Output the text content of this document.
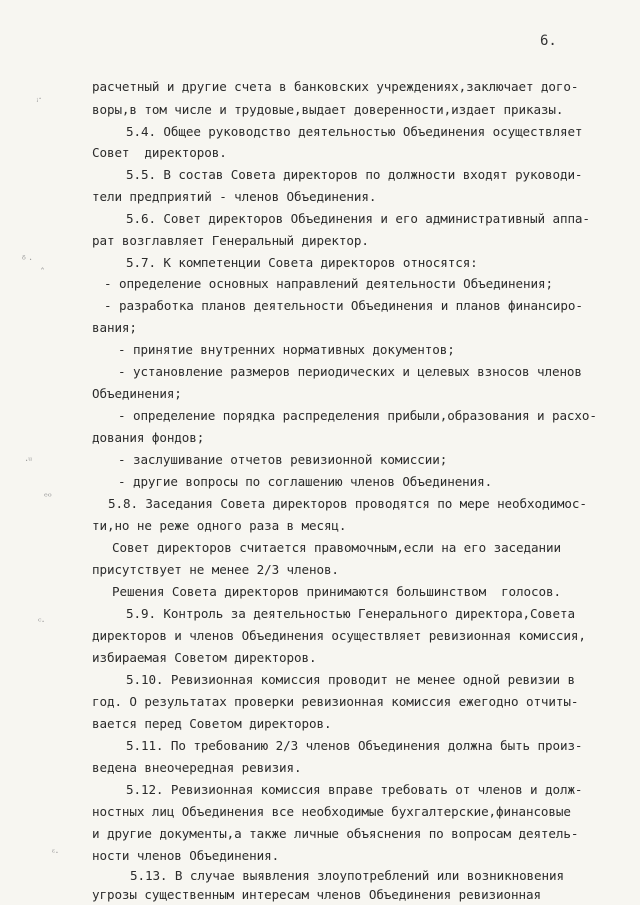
6.
ꜟ·
ᵟ ·
ˆ
·ᵘ
ᵉᵒ
ᶜ·
ᵋ·
расчетный и другие счета в банковских учреждениях,заключает дого-
воры,в том числе и трудовые,выдает доверенности,издает приказы.
5.4. Общее руководство деятельностью Объединения осуществляет
Совет  директоров.
5.5. В состав Совета директоров по должности входят руководи-
тели предприятий - членов Объединения.
5.6. Совет директоров Объединения и его административный аппа-
рат возглавляет Генеральный директор.
5.7. К компетенции Совета директоров относятся:
- определение основных направлений деятельности Объединения;
- разработка планов деятельности Объединения и планов финансиро-
вания;
- принятие внутренних нормативных документов;
- установление размеров периодических и целевых взносов членов
Объединения;
- определение порядка распределения прибыли,образования и расхо-
дования фондов;
- заслушивание отчетов ревизионной комиссии;
- другие вопросы по соглашению членов Объединения.
5.8. Заседания Совета директоров проводятся по мере необходимос-
ти,но не реже одного раза в месяц.
Совет директоров считается правомочным,если на его заседании
присутствует не менее 2/3 членов.
Решения Совета директоров принимаются большинством  голосов.
5.9. Контроль за деятельностью Генерального директора,Совета
директоров и членов Объединения осуществляет ревизионная комиссия,
избираемая Советом директоров.
5.10. Ревизионная комиссия проводит не менее одной ревизии в
год. О результатах проверки ревизионная комиссия ежегодно отчиты-
вается перед Советом директоров.
5.11. По требованию 2/3 членов Объединения должна быть произ-
ведена внеочередная ревизия.
5.12. Ревизионная комиссия вправе требовать от членов и долж-
ностных лиц Объединения все необходимые бухгалтерские,финансовые
и другие документы,а также личные объяснения по вопросам деятель-
ности членов Объединения.
5.13. В случае выявления злоупотреблений или возникновения
угрозы существенным интересам членов Объединения ревизионная
